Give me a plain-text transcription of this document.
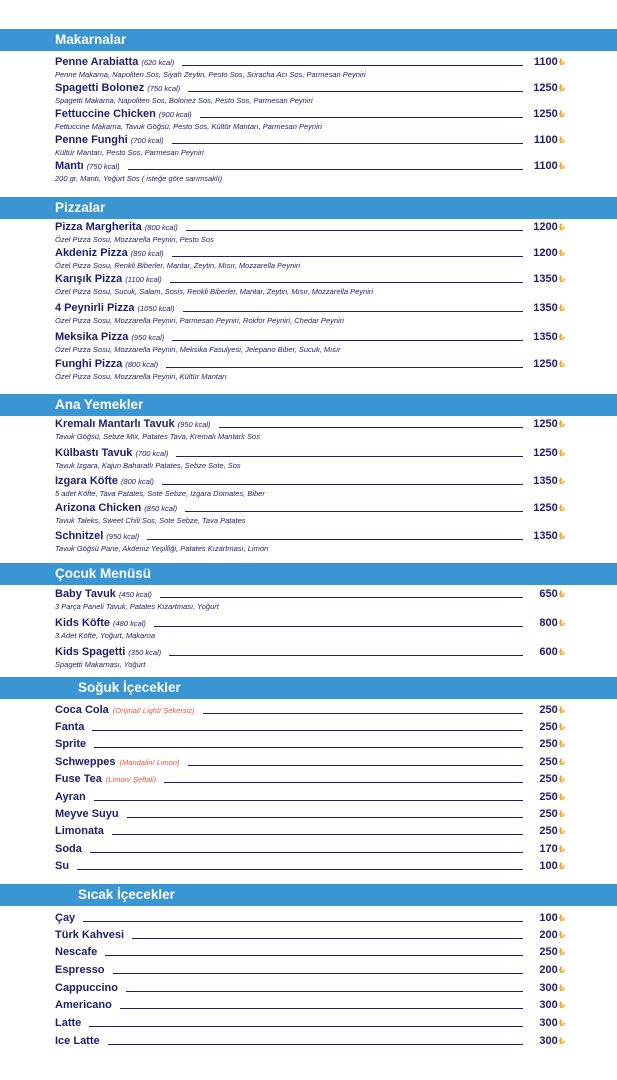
Makarnalar
Penne Arabiatta (620 kcal)	1100₺
Penne Makarna, Napoliten Sos, Siyah Zeytin, Pesto Sos, Sriracha Acı Sos, Parmesan Peyniri
Spagetti Bolonez (750 kcal)	1250₺
Spagetti Makarna, Napoliten Sos, Bolonez Sos, Pesto Sos, Parmesan Peyniri
Fettuccine Chicken (900 kcal)	1250₺
Fettuccine Makarna, Tavuk Göğsü, Pesto Sos, Kültür Mantarı, Parmesan Peyniri
Penne Funghi (700 kcal)	1100₺
Kültür Mantarı, Pesto Sos, Parmesan Peyniri
Mantı (750 kcal)	1100₺
200 gr. Mantı, Yoğurt Sos ( isteğe göre sarımsaklı)
Pizzalar
Pizza Margherita (800 kcal)	1200₺
Özel Pizza Sosu, Mozzarella Peyniri, Pesto Sos
Akdeniz Pizza (850 kcal)	1200₺
Özel Pizza Sosu, Renkli Biberler, Mantar, Zeytin, Mısır, Mozzarella Peyniri
Karışık Pizza (1100 kcal)	1350₺
Özel Pizza Sosu, Sucuk, Salam, Sosis, Renkli Biberler, Mantar, Zeytin, Mısır, Mozzarella Peyniri
4 Peynirli Pizza (1050 kcal)	1350₺
Özel Pizza Sosu, Mozzarella Peyniri, Parmesan Peyniri, Rokfor Peyniri, Chedar Peyniri
Meksika Pizza (950 kcal)	1350₺
Özel Pizza Sosu, Mozzarella Peyniri, Meksika Fasulyesi, Jelepano Biber, Sucuk, Mısır
Funghi Pizza (800 kcal)	1250₺
Özel Pizza Sosu, Mozzarella Peyniri, Kültür Mantarı
Ana Yemekler
Kremalı Mantarlı Tavuk (950 kcal)	1250₺
Tavuk Göğsü, Sebze Mix, Patates Tava, Kremalı Mantarlı Sos
Külbastı Tavuk (700 kcal)	1250₺
Tavuk Izgara, Kajun Baharatlı Patates, Sebze Sote, Sos
Izgara Köfte (800 kcal)	1350₺
5 adet Köfte, Tava Patates, Sote Sebze, Izgara Domates, Biber
Arizona Chicken (850 kcal)	1250₺
Tavuk Taleks, Sweet Chili Sos, Sote Sebze, Tava Patates
Schnitzel (950 kcal)	1350₺
Tavuk Göğsü Pane, Akdeniz Yeşilliği, Patates Kızartması, Limon
Çocuk Menüsü
Baby Tavuk (450 kcal)	650₺
3 Parça Paneli Tavuk, Patates Kızartması, Yoğurt
Kids Köfte (480 kcal)	800₺
3 Adet Köfte, Yoğurt, Makarna
Kids Spagetti (350 kcal)	600₺
Spagetti Makarnası, Yoğurt
Soğuk İçecekler
Coca Cola (Orijinal/ Light/ Şekersiz)	250₺
Fanta	250₺
Sprite	250₺
Schweppes (Mandalin/ Limon)	250₺
Fuse Tea (Limon/ Şeftali)	250₺
Ayran	250₺
Meyve Suyu	250₺
Limonata	250₺
Soda	170₺
Su	100₺
Sıcak İçecekler
Çay	100₺
Türk Kahvesi	200₺
Nescafe	250₺
Espresso	200₺
Cappuccino	300₺
Americano	300₺
Latte	300₺
Ice Latte	300₺
